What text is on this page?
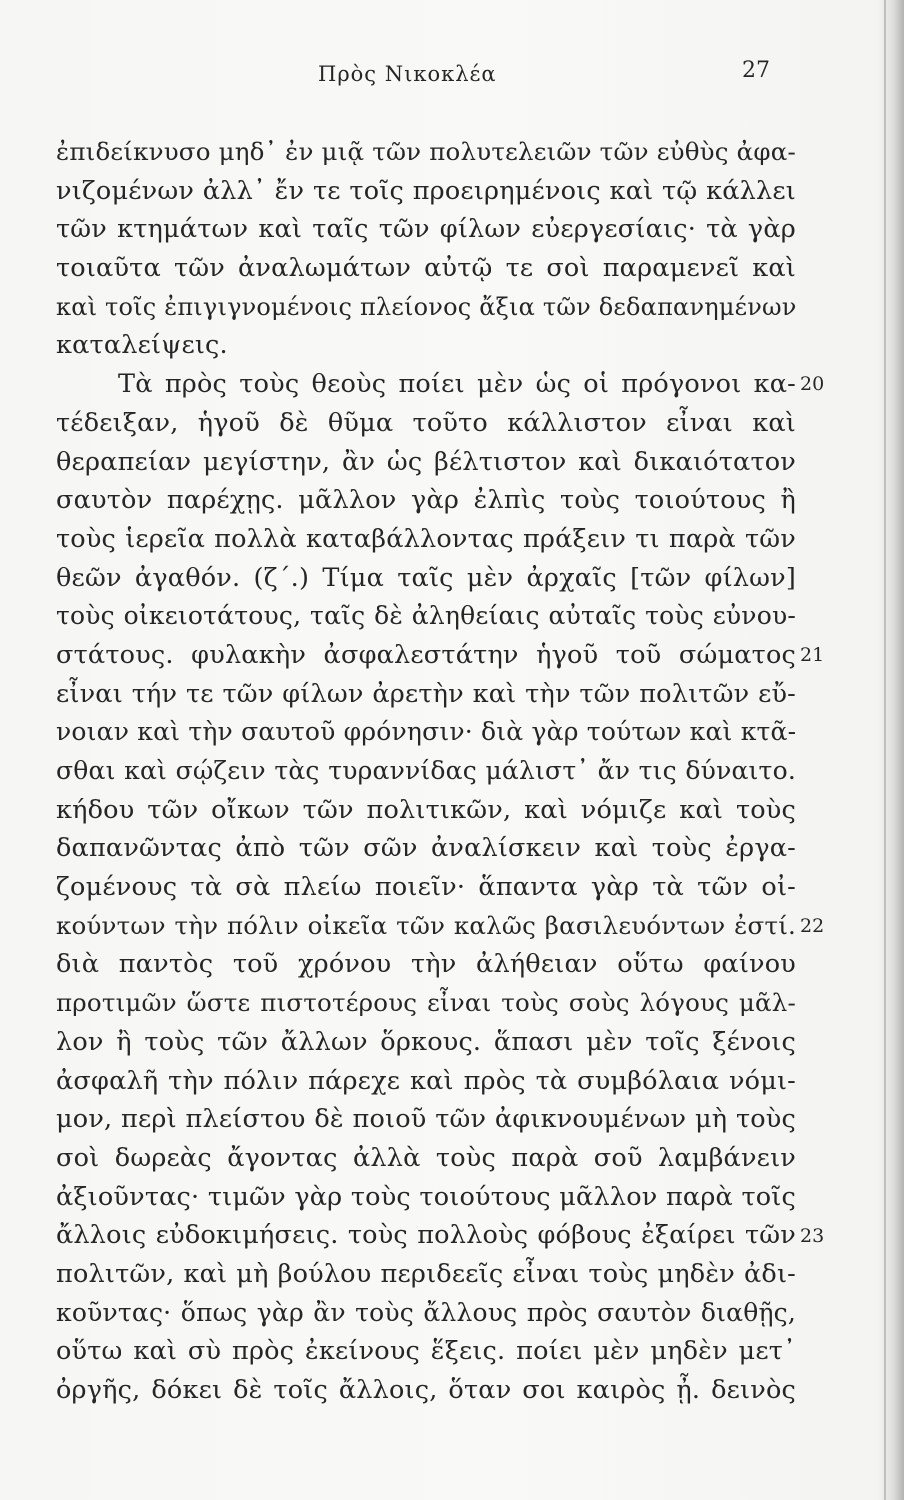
Πρὸς Νικοκλέα	27
ἐπιδείκνυσο μηδ᾽ ἐν μιᾷ τῶν πολυτελειῶν τῶν εὐθὺς ἀφα-
νιζομένων ἀλλ᾽ ἔν τε τοῖς προειρημένοις καὶ τῷ κάλλει
τῶν κτημάτων καὶ ταῖς τῶν φίλων εὐεργεσίαις· τὰ γὰρ
τοιαῦτα τῶν ἀναλωμάτων αὐτῷ τε σοὶ παραμενεῖ καὶ
καὶ τοῖς ἐπιγιγνομένοις πλείονος ἄξια τῶν δεδαπανημένων
καταλείψεις.
Τὰ πρὸς τοὺς θεοὺς ποίει μὲν ὡς οἱ πρόγονοι κα-
τέδειξαν, ἡγοῦ δὲ θῦμα τοῦτο κάλλιστον εἶναι καὶ
θεραπείαν μεγίστην, ἂν ὡς βέλτιστον καὶ δικαιότατον
σαυτὸν παρέχῃς. μᾶλλον γὰρ ἐλπὶς τοὺς τοιούτους ἢ
τοὺς ἱερεῖα πολλὰ καταβάλλοντας πράξειν τι παρὰ τῶν
θεῶν ἀγαθόν. (ζ΄.) Τίμα ταῖς μὲν ἀρχαῖς [τῶν φίλων]
τοὺς οἰκειοτάτους, ταῖς δὲ ἀληθείαις αὐταῖς τοὺς εὐνου-
στάτους. φυλακὴν ἀσφαλεστάτην ἡγοῦ τοῦ σώματος
εἶναι τήν τε τῶν φίλων ἀρετὴν καὶ τὴν τῶν πολιτῶν εὔ-
νοιαν καὶ τὴν σαυτοῦ φρόνησιν· διὰ γὰρ τούτων καὶ κτᾶ-
σθαι καὶ σῴζειν τὰς τυραννίδας μάλιστ᾽ ἄν τις δύναιτο.
κήδου τῶν οἴκων τῶν πολιτικῶν, καὶ νόμιζε καὶ τοὺς
δαπανῶντας ἀπὸ τῶν σῶν ἀναλίσκειν καὶ τοὺς ἐργα-
ζομένους τὰ σὰ πλείω ποιεῖν· ἅπαντα γὰρ τὰ τῶν οἰ-
κούντων τὴν πόλιν οἰκεῖα τῶν καλῶς βασιλευόντων ἐστί.
διὰ παντὸς τοῦ χρόνου τὴν ἀλήθειαν οὕτω φαίνου
προτιμῶν ὥστε πιστοτέρους εἶναι τοὺς σοὺς λόγους μᾶλ-
λον ἢ τοὺς τῶν ἄλλων ὅρκους. ἅπασι μὲν τοῖς ξένοις
ἀσφαλῆ τὴν πόλιν πάρεχε καὶ πρὸς τὰ συμβόλαια νόμι-
μον, περὶ πλείστου δὲ ποιοῦ τῶν ἀφικνουμένων μὴ τοὺς
σοὶ δωρεὰς ἄγοντας ἀλλὰ τοὺς παρὰ σοῦ λαμβάνειν
ἀξιοῦντας· τιμῶν γὰρ τοὺς τοιούτους μᾶλλον παρὰ τοῖς
ἄλλοις εὐδοκιμήσεις. τοὺς πολλοὺς φόβους ἐξαίρει τῶν
πολιτῶν, καὶ μὴ βούλου περιδεεῖς εἶναι τοὺς μηδὲν ἀδι-
κοῦντας· ὅπως γὰρ ἂν τοὺς ἄλλους πρὸς σαυτὸν διαθῇς,
οὕτω καὶ σὺ πρὸς ἐκείνους ἕξεις. ποίει μὲν μηδὲν μετ᾽
ὀργῆς, δόκει δὲ τοῖς ἄλλοις, ὅταν σοι καιρὸς ᾖ. δεινὸς
20
21
22
23
